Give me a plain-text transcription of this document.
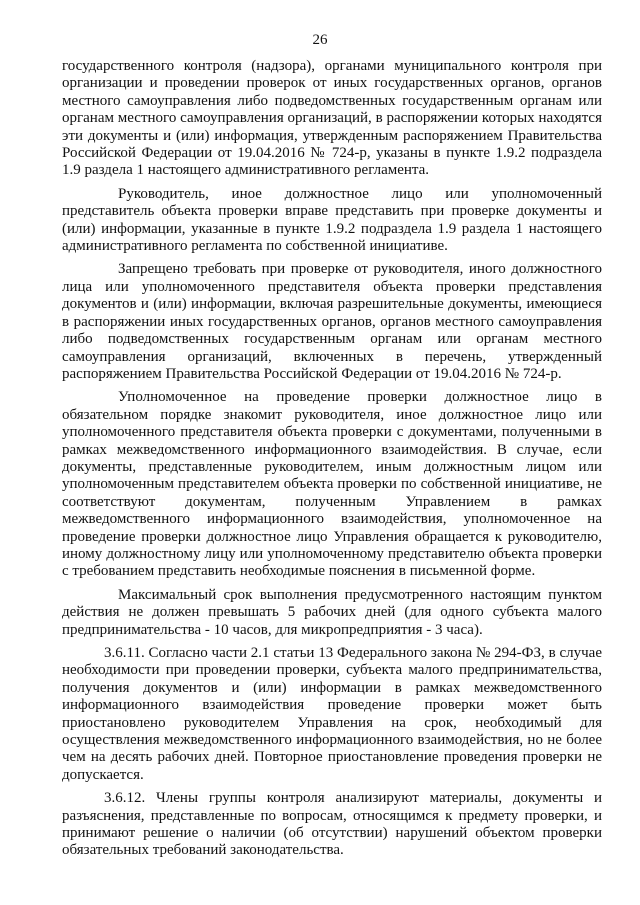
26

государственного контроля (надзора), органами муниципального контроля при организации и проведении проверок от иных государственных органов, органов местного самоуправления либо подведомственных государственным органам или органам местного самоуправления организаций, в распоряжении которых находятся эти документы и (или) информация, утвержденным распоряжением Правительства Российской Федерации от 19.04.2016 № 724-р, указаны в пункте 1.9.2 подраздела 1.9 раздела 1 настоящего административного регламента.

Руководитель, иное должностное лицо или уполномоченный представитель объекта проверки вправе представить при проверке документы и (или) информации, указанные в пункте 1.9.2 подраздела 1.9 раздела 1 настоящего административного регламента по собственной инициативе.

Запрещено требовать при проверке от руководителя, иного должностного лица или уполномоченного представителя объекта проверки представления документов и (или) информации, включая разрешительные документы, имеющиеся в распоряжении иных государственных органов, органов местного самоуправления либо подведомственных государственным органам или органам местного самоуправления организаций, включенных в перечень, утвержденный распоряжением Правительства Российской Федерации от 19.04.2016 № 724-р.

Уполномоченное на проведение проверки должностное лицо в обязательном порядке знакомит руководителя, иное должностное лицо или уполномоченного представителя объекта проверки с документами, полученными в рамках межведомственного информационного взаимодействия. В случае, если документы, представленные руководителем, иным должностным лицом или уполномоченным представителем объекта проверки по собственной инициативе, не соответствуют документам, полученным Управлением в рамках межведомственного информационного взаимодействия, уполномоченное на проведение проверки должностное лицо Управления обращается к руководителю, иному должностному лицу или уполномоченному представителю объекта проверки с требованием представить необходимые пояснения в письменной форме.

Максимальный срок выполнения предусмотренного настоящим пунктом действия не должен превышать 5 рабочих дней (для одного субъекта малого предпринимательства - 10 часов, для микропредприятия - 3 часа).

3.6.11. Согласно части 2.1 статьи 13 Федерального закона № 294-ФЗ, в случае необходимости при проведении проверки, субъекта малого предпринимательства, получения документов и (или) информации в рамках межведомственного информационного взаимодействия проведение проверки может быть приостановлено руководителем Управления на срок, необходимый для осуществления межведомственного информационного взаимодействия, но не более чем на десять рабочих дней. Повторное приостановление проведения проверки не допускается.

3.6.12. Члены группы контроля анализируют материалы, документы и разъяснения, представленные по вопросам, относящимся к предмету проверки, и принимают решение о наличии (об отсутствии) нарушений объектом проверки обязательных требований законодательства.
